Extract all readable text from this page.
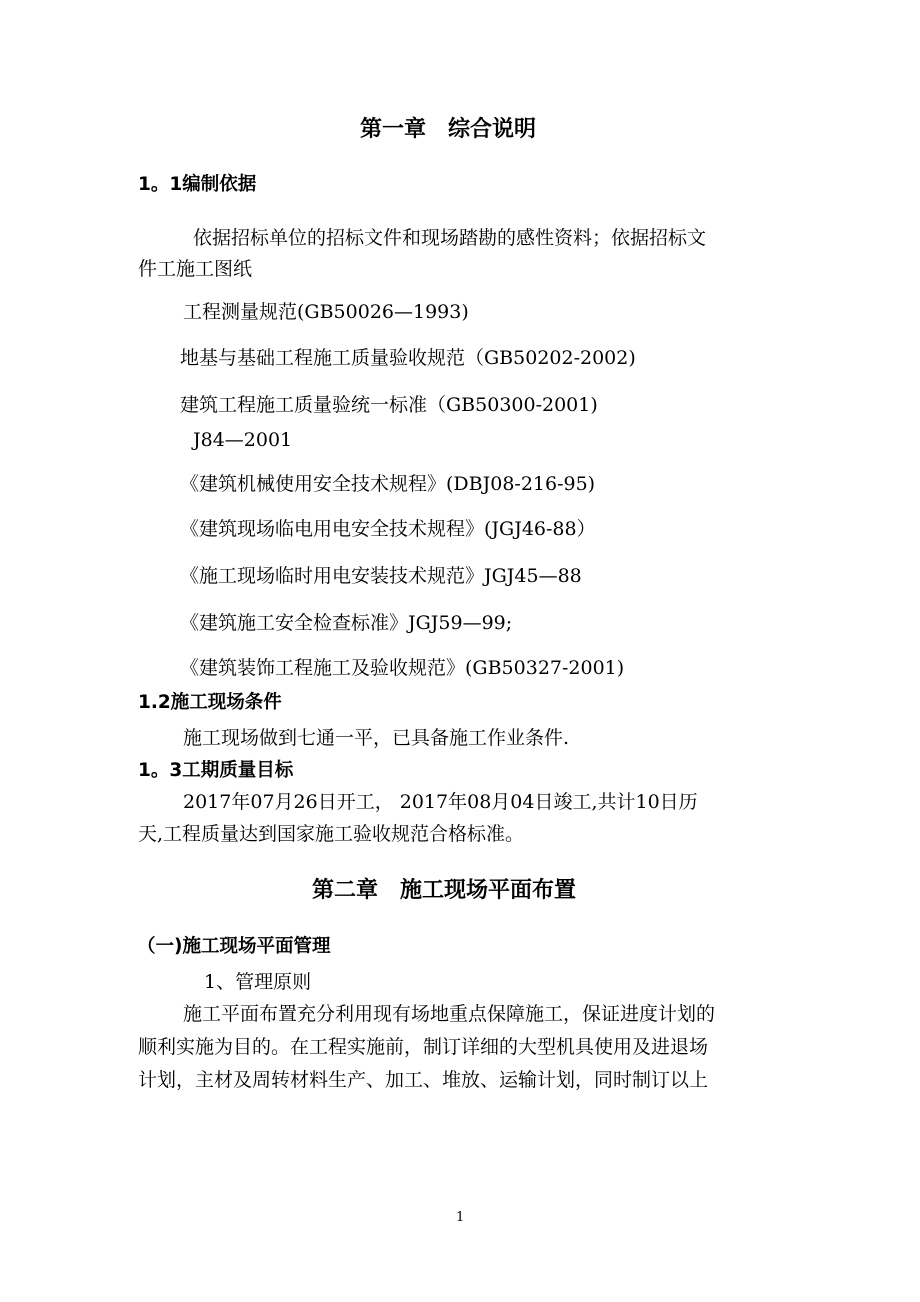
第一章　综合说明
1。1编制依据
依据招标单位的招标文件和现场踏勘的感性资料；依据招标文
件工施工图纸
工程测量规范(GB50026—1993)
地基与基础工程施工质量验收规范（GB50202-2002)
建筑工程施工质量验统一标准（GB50300-2001)
J84—2001
《建筑机械使用安全技术规程》(DBJ08-216-95)
《建筑现场临电用电安全技术规程》(JGJ46-88）
《施工现场临时用电安装技术规范》JGJ45—88
《建筑施工安全检查标准》JGJ59—99;
《建筑装饰工程施工及验收规范》(GB50327-2001)
1.2施工现场条件
施工现场做到七通一平，已具备施工作业条件.
1。3工期质量目标
2017年07月26日开工， 2017年08月04日竣工,共计10日历
天,工程质量达到国家施工验收规范合格标准。
第二章　施工现场平面布置
（一)施工现场平面管理
1、管理原则
施工平面布置充分利用现有场地重点保障施工，保证进度计划的
顺利实施为目的。在工程实施前，制订详细的大型机具使用及进退场
计划，主材及周转材料生产、加工、堆放、运输计划，同时制订以上
1
